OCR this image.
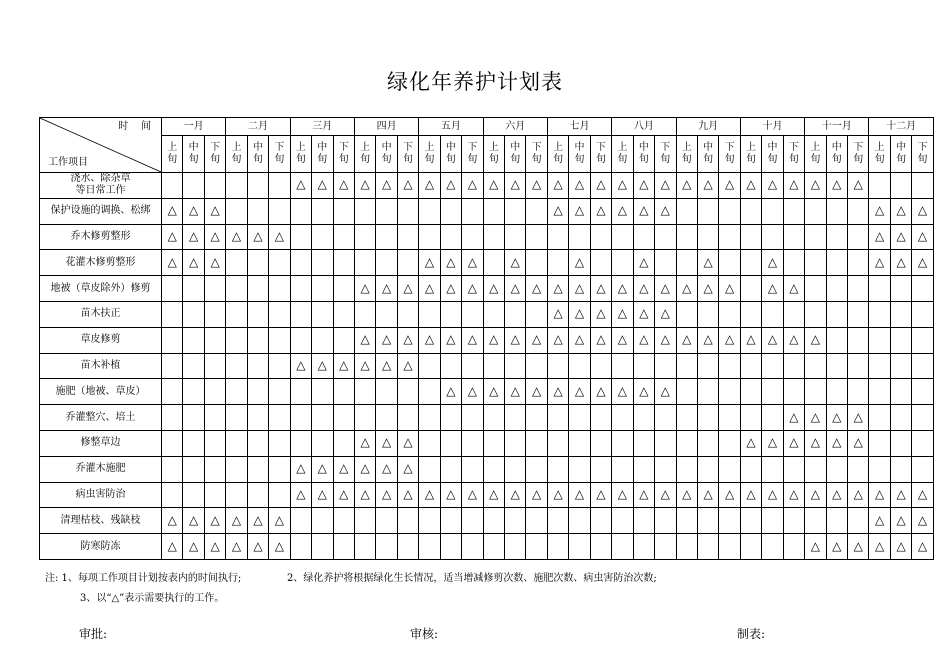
绿化年养护计划表
时    间
工作项目	一月			二月			三月			四月			五月			六月			七月			八月			九月			十月			十一月			十二月		
	上旬	中旬	下旬	上旬	中旬	下旬	上旬	中旬	下旬	上旬	中旬	下旬	上旬	中旬	下旬	上旬	中旬	下旬	上旬	中旬	下旬	上旬	中旬	下旬	上旬	中旬	下旬	上旬	中旬	下旬	上旬	中旬	下旬	上旬	中旬	下旬
浇水、除杂草等日常工作							△	△	△	△	△	△	△	△	△	△	△	△	△	△	△	△	△	△	△	△	△	△	△	△	△	△	△			
保护设施的调换、松绑	△	△	△																△	△	△	△	△	△										△	△	△
乔木修剪整形	△	△	△	△	△	△																												△	△	△
花灌木修剪整形	△	△	△										△	△	△		△			△			△			△			△					△	△	△
地被（草皮除外）修剪										△	△	△	△	△	△	△	△	△	△	△	△	△	△	△	△	△	△		△	△						
苗木扶正																			△	△	△	△	△	△												
草皮修剪										△	△	△	△	△	△	△	△	△	△	△	△	△	△	△	△	△	△	△	△	△	△					
苗木补植							△	△	△	△	△	△																								
施肥（地被、草皮）														△	△	△	△	△	△	△	△	△	△	△												
乔灌整穴、培土																														△	△	△	△			
修整草边										△	△	△																△	△	△	△	△	△			
乔灌木施肥							△	△	△	△	△	△																								
病虫害防治							△	△	△	△	△	△	△	△	△	△	△	△	△	△	△	△	△	△	△	△	△	△	△	△	△	△	△	△	△	△
清理枯枝、残缺枝	△	△	△	△	△	△																												△	△	△
防寒防冻	△	△	△	△	△	△																									△	△	△	△	△	△
注: 1、每项工作项目计划按表内的时间执行;	2、绿化养护将根据绿化生长情况，适当增减修剪次数、施肥次数、病虫害防治次数;
3、以“△”表示需要执行的工作。
审批:	审核:	制表:
